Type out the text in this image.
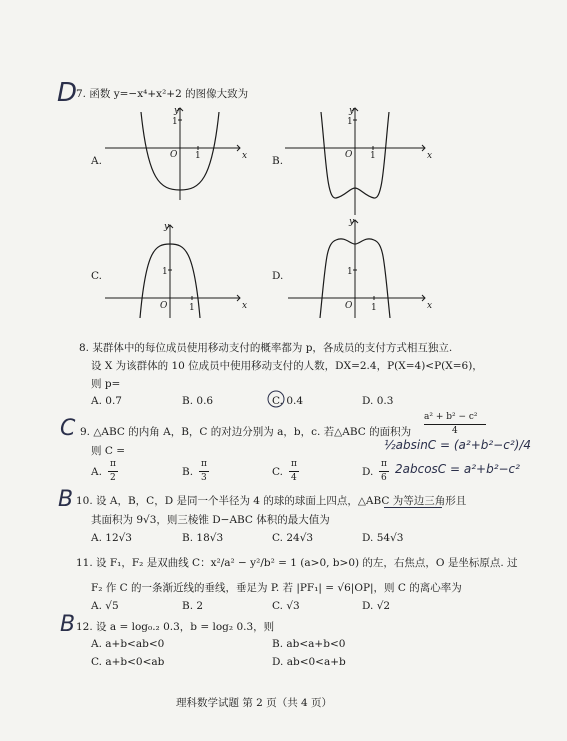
D
7. 函数 y=−x⁴+x²+2 的图像大致为
y
x
O 1
1
y
x
O 1
1
y
x
O 1
1
y
x
O 1
1
A.	B.
C.	D.
8. 某群体中的每位成员使用移动支付的概率都为 p，各成员的支付方式相互独立.
设 X 为该群体的 10 位成员中使用移动支付的人数，DX=2.4，P(X=4)<P(X=6)，
则 p=
A. 0.7	B. 0.6	C. 0.4	D. 0.3
C 9. △ABC 的内角 A，B，C 的对边分别为 a，b，c. 若△ABC 的面积为
a² + b² − c²
4
则 C =
A.
π
2	B.
π
3	C.
π
4	D.
π
6
½absinC = (a²+b²−c²)/4
2abcosC = a²+b²−c²
B 10. 设 A，B，C，D 是同一个半径为 4 的球的球面上四点，△ABC 为等边三角形且
其面积为 9√3，则三棱锥 D−ABC 体积的最大值为
A. 12√3	B. 18√3	C. 24√3	D. 54√3
11. 设 F₁，F₂ 是双曲线 C：x²/a² − y²/b² = 1 (a>0, b>0) 的左，右焦点，O 是坐标原点. 过
F₂ 作 C 的一条渐近线的垂线，垂足为 P. 若 |PF₁| = √6|OP|，则 C 的离心率为
A. √5	B. 2	C. √3	D. √2
B 12. 设 a = log₀.₂ 0.3，b = log₂ 0.3，则
A. a+b<ab<0	B. ab<a+b<0
C. a+b<0<ab	D. ab<0<a+b
理科数学试题 第 2 页（共 4 页）
